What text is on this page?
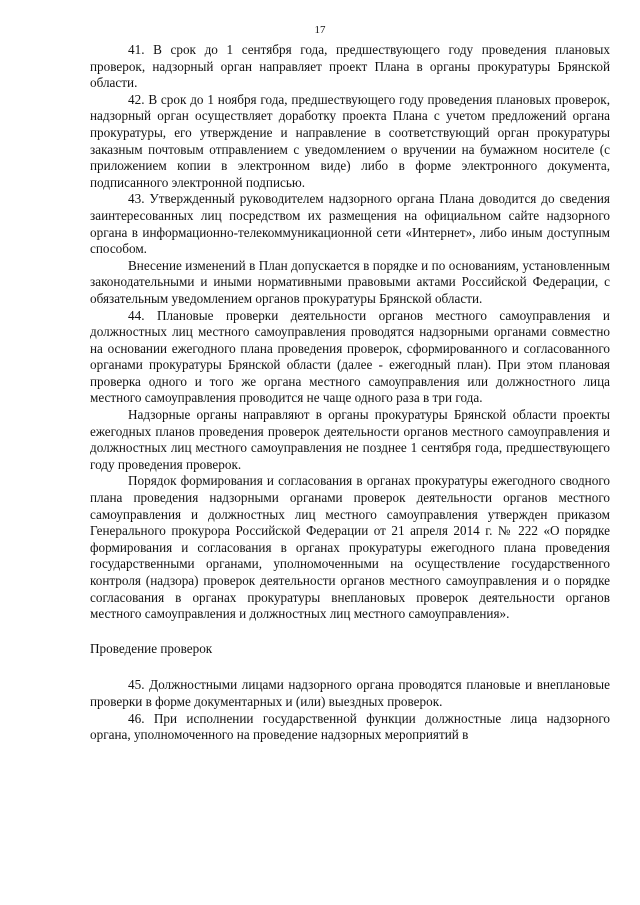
17

41. В срок до 1 сентября года, предшествующего году проведения плановых проверок, надзорный орган направляет проект Плана в органы прокуратуры Брянской области.

42. В срок до 1 ноября года, предшествующего году проведения плановых проверок, надзорный орган осуществляет доработку проекта Плана с учетом предложений органа прокуратуры, его утверждение и направление в соответствующий орган прокуратуры заказным почтовым отправлением с уведомлением о вручении на бумажном носителе (с приложением копии в электронном виде) либо в форме электронного документа, подписанного электронной подписью.

43. Утвержденный руководителем надзорного органа Плана доводится до сведения заинтересованных лиц посредством их размещения на официальном сайте надзорного органа в информационно-телекоммуникационной сети «Интернет», либо иным доступным способом.

Внесение изменений в План допускается в порядке и по основаниям, установленным законодательными и иными нормативными правовыми актами Российской Федерации, с обязательным уведомлением органов прокуратуры Брянской области.

44. Плановые проверки деятельности органов местного самоуправления и должностных лиц местного самоуправления проводятся надзорными органами совместно на основании ежегодного плана проведения проверок, сформированного и согласованного органами прокуратуры Брянской области (далее - ежегодный план). При этом плановая проверка одного и того же органа местного самоуправления или должностного лица местного самоуправления проводится не чаще одного раза в три года.

Надзорные органы направляют в органы прокуратуры Брянской области проекты ежегодных планов проведения проверок деятельности органов местного самоуправления и должностных лиц местного самоуправления не позднее 1 сентября года, предшествующего году проведения проверок.

Порядок формирования и согласования в органах прокуратуры ежегодного сводного плана проведения надзорными органами проверок деятельности органов местного самоуправления и должностных лиц местного самоуправления утвержден приказом Генерального прокурора Российской Федерации от 21 апреля 2014 г. № 222 «О порядке формирования и согласования в органах прокуратуры ежегодного плана проведения государственными органами, уполномоченными на осуществление государственного контроля (надзора) проверок деятельности органов местного самоуправления и о порядке согласования в органах прокуратуры внеплановых проверок деятельности органов местного самоуправления и должностных лиц местного самоуправления».

Проведение проверок

45. Должностными лицами надзорного органа проводятся плановые и внеплановые проверки в форме документарных и (или) выездных проверок.

46. При исполнении государственной функции должностные лица надзорного органа, уполномоченного на проведение надзорных мероприятий в
